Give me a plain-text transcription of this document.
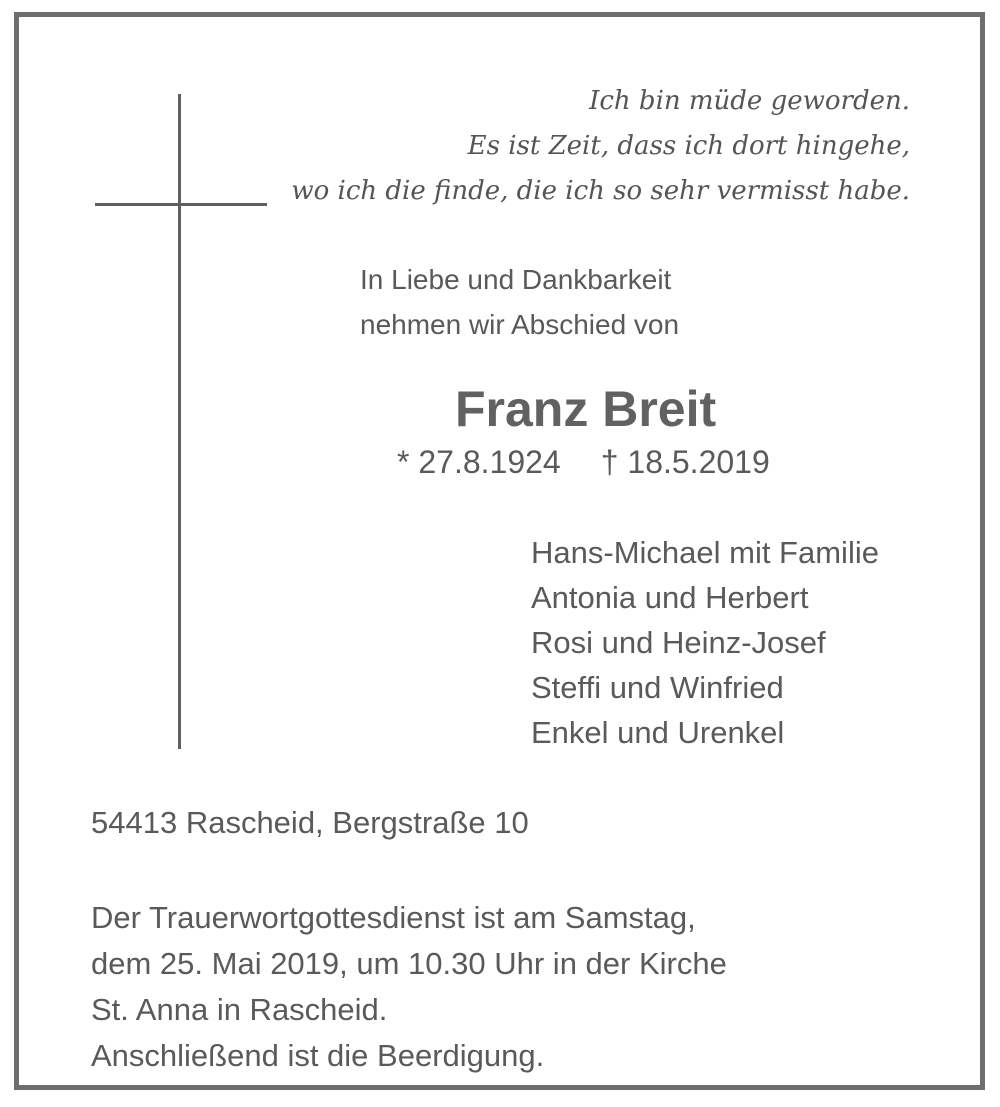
Ich bin müde geworden.
Es ist Zeit, dass ich dort hingehe,
wo ich die finde, die ich so sehr vermisst habe.
In Liebe und Dankbarkeit
nehmen wir Abschied von
Franz Breit
* 27.8.1924 † 18.5.2019
Hans-Michael mit Familie
Antonia und Herbert
Rosi und Heinz-Josef
Steffi und Winfried
Enkel und Urenkel
54413 Rascheid, Bergstraße 10
Der Trauerwortgottesdienst ist am Samstag,
dem 25. Mai 2019, um 10.30 Uhr in der Kirche
St. Anna in Rascheid.
Anschließend ist die Beerdigung.
